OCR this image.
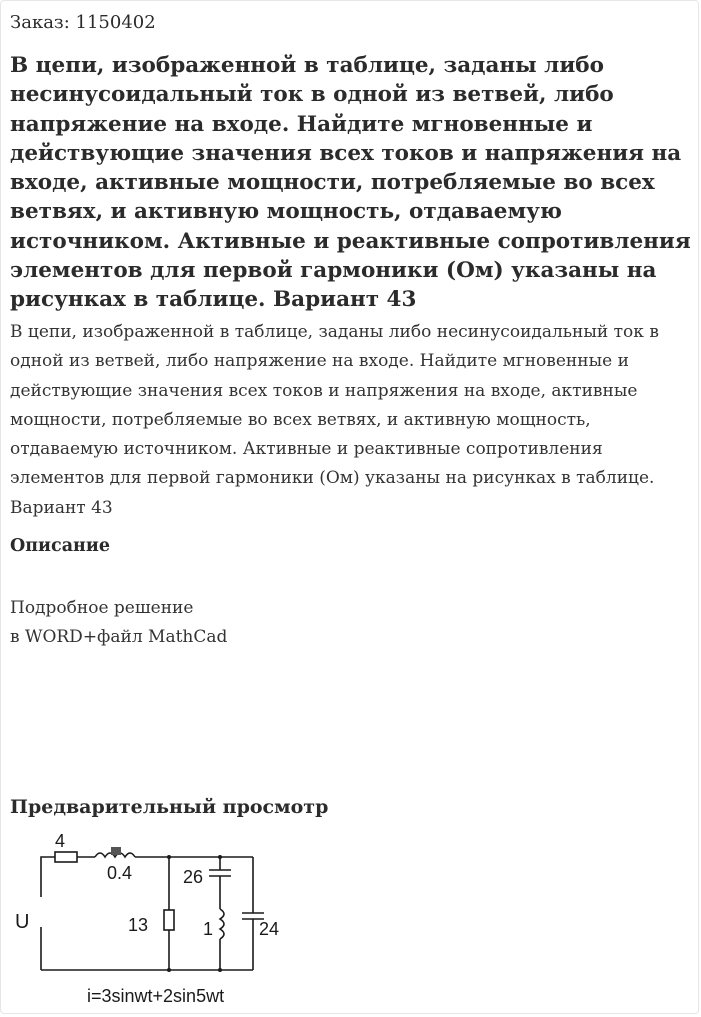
Заказ: 1150402
В цепи, изображенной в таблице, заданы либо несинусоидальный ток в одной из ветвей, либо напряжение на входе. Найдите мгновенные и действующие значения всех токов и напряжения на входе, активные мощности, потребляемые во всех ветвях, и активную мощность, отдаваемую источником. Активные и реактивные сопротивления элементов для первой гармоники (Ом) указаны на рисунках в таблице. Вариант 43

В цепи, изображенной в таблице, заданы либо несинусоидальный ток в одной из ветвей, либо напряжение на входе. Найдите мгновенные и действующие значения всех токов и напряжения на входе, активные мощности, потребляемые во всех ветвях, и активную мощность, отдаваемую источником. Активные и реактивные сопротивления элементов для первой гармоники (Ом) указаны на рисунках в таблице. Вариант 43

Описание
Подробное решение
в WORD+файл MathCad
Предварительный просмотр
4
0.4
U	13
26
1	24
i=3sinwt+2sin5wt
